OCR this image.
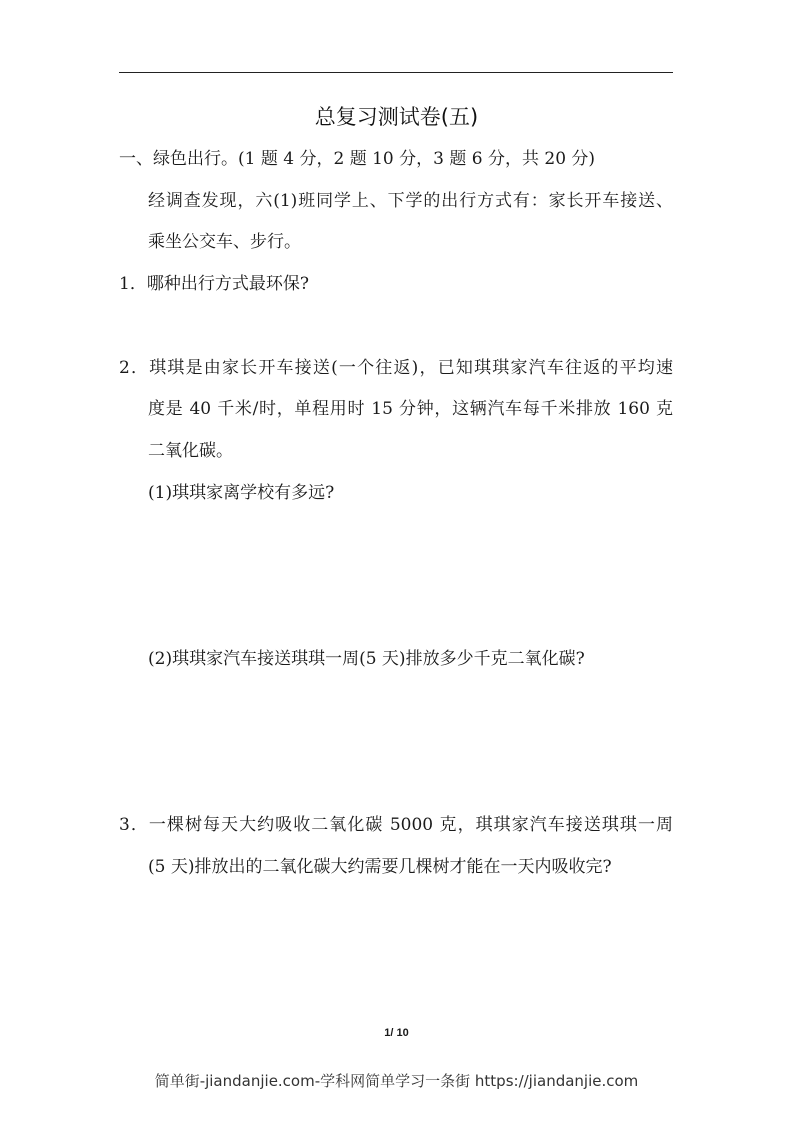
总复习测试卷(五)
一、绿色出行。(1 题 4 分，2 题 10 分，3 题 6 分，共 20 分)
经调查发现，六(1)班同学上、下学的出行方式有：家长开车接送、
乘坐公交车、步行。
1．哪种出行方式最环保?
2．琪琪是由家长开车接送(一个往返)，已知琪琪家汽车往返的平均速
度是 40 千米/时，单程用时 15 分钟，这辆汽车每千米排放 160 克
二氧化碳。
(1)琪琪家离学校有多远?
(2)琪琪家汽车接送琪琪一周(5 天)排放多少千克二氧化碳?
3．一棵树每天大约吸收二氧化碳 5000 克，琪琪家汽车接送琪琪一周
(5 天)排放出的二氧化碳大约需要几棵树才能在一天内吸收完?
1/ 10
简单街-jiandanjie.com-学科网简单学习一条街 https://jiandanjie.com
